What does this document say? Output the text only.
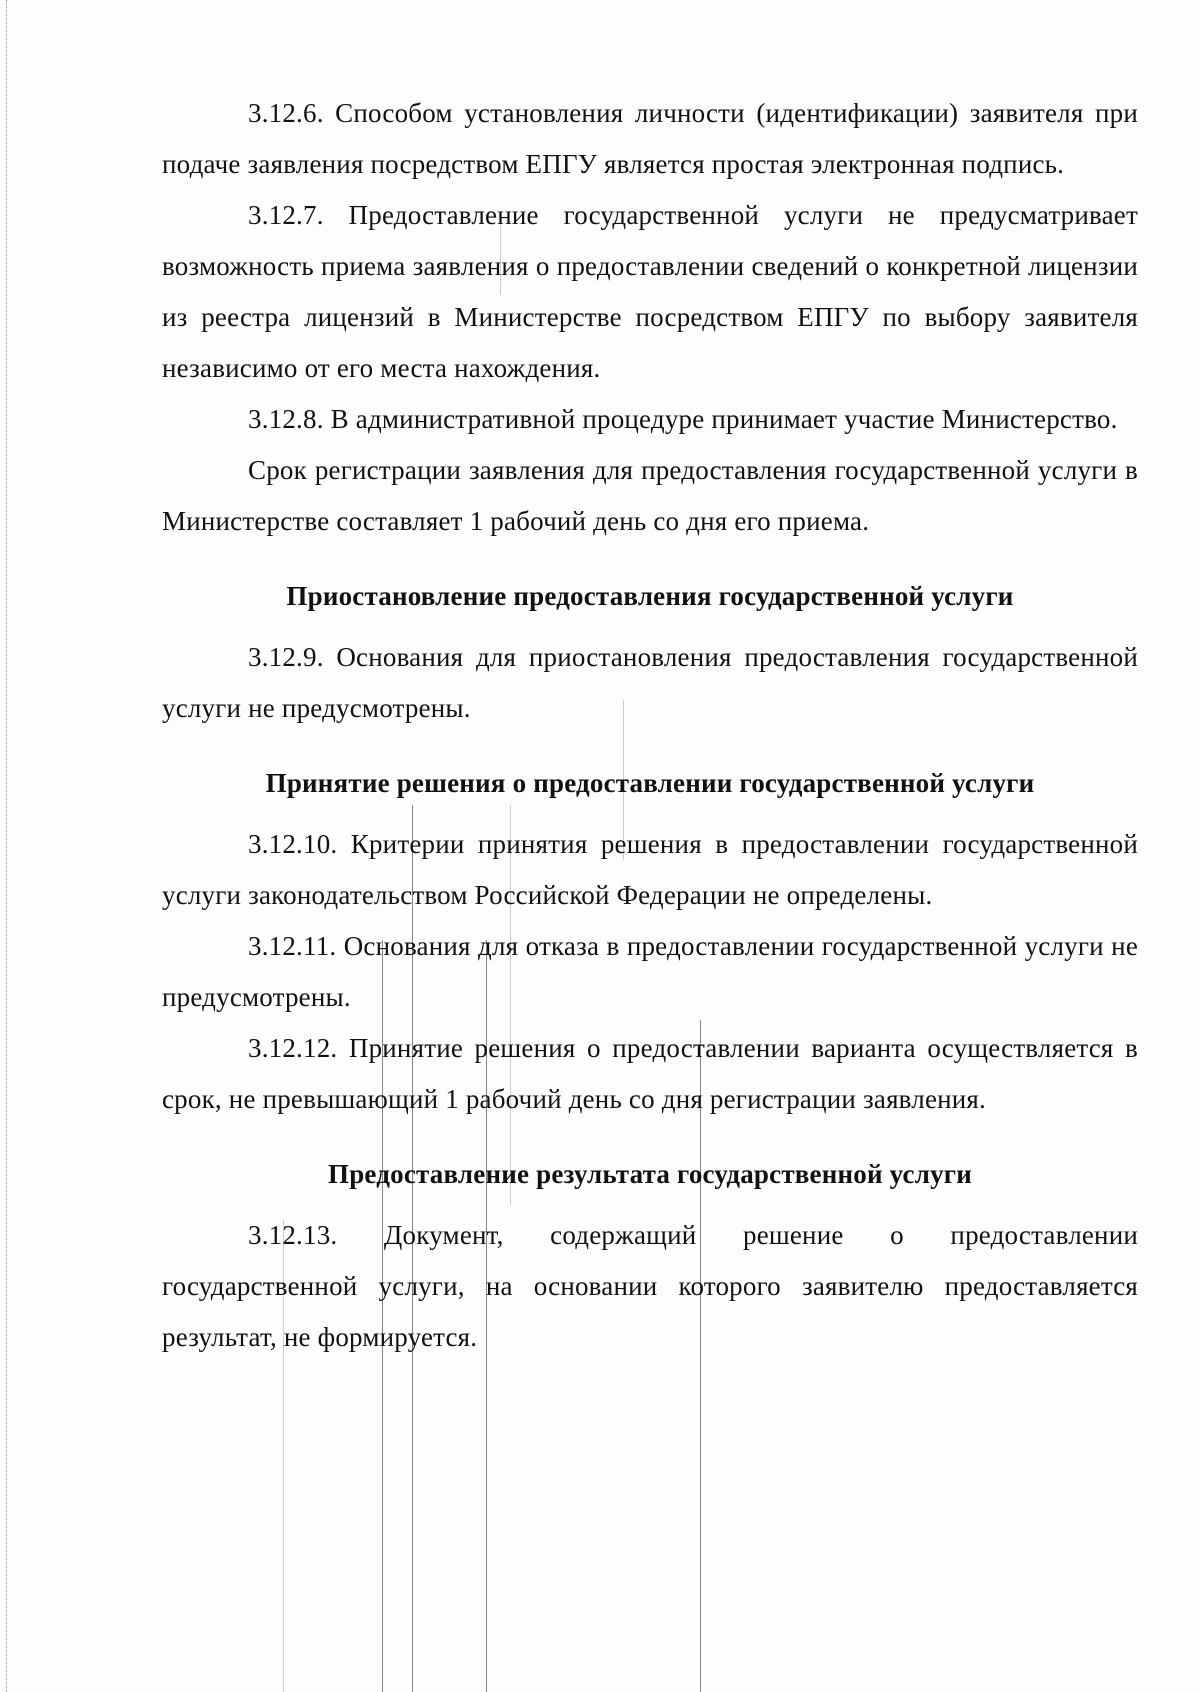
3.12.6. Способом установления личности (идентификации) заявителя при подаче заявления посредством ЕПГУ является простая электронная подпись.

3.12.7. Предоставление государственной услуги не предусматривает возможность приема заявления о предоставлении сведений о конкретной лицензии из реестра лицензий в Министерстве посредством ЕПГУ по выбору заявителя независимо от его места нахождения.

3.12.8. В административной процедуре принимает участие Министерство.

Срок регистрации заявления для предоставления государственной услуги в Министерстве составляет 1 рабочий день со дня его приема.

Приостановление предоставления государственной услуги

3.12.9. Основания для приостановления предоставления государственной услуги не предусмотрены.

Принятие решения о предоставлении государственной услуги

3.12.10. Критерии принятия решения в предоставлении государственной услуги законодательством Российской Федерации не определены.

3.12.11. Основания для отказа в предоставлении государственной услуги не предусмотрены.

3.12.12. Принятие решения о предоставлении варианта осуществляется в срок, не превышающий 1 рабочий день со дня регистрации заявления.

Предоставление результата государственной услуги

3.12.13. Документ, содержащий решение о предоставлении государственной услуги, на основании которого заявителю предоставляется результат, не формируется.
